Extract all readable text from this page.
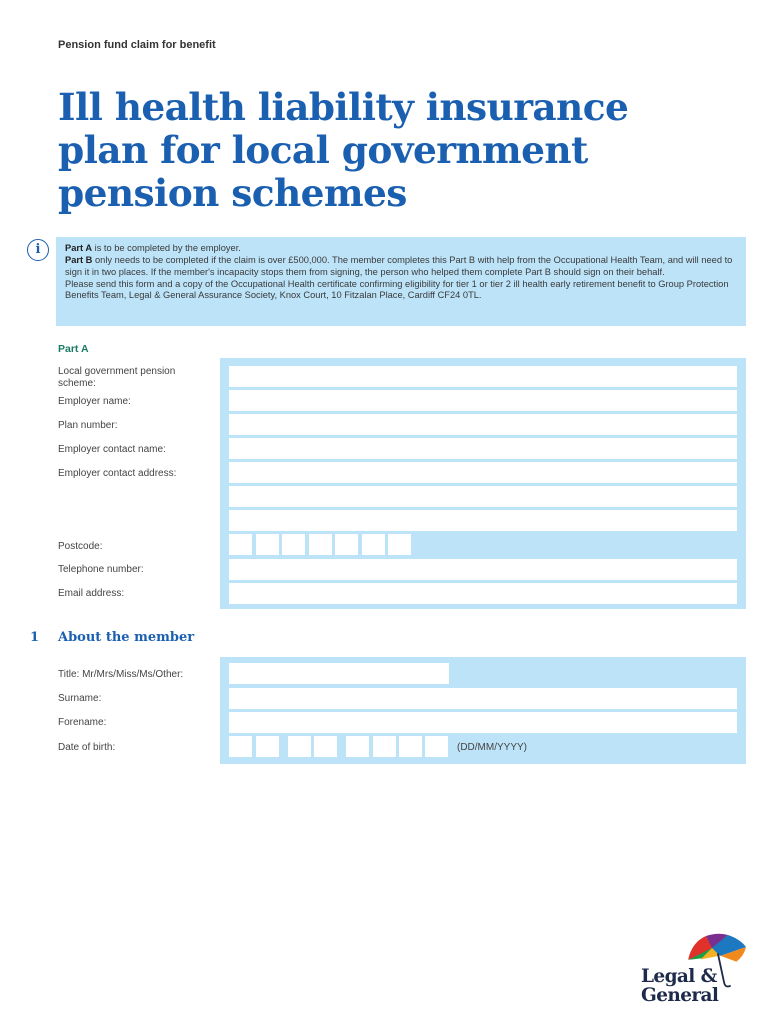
Pension fund claim for benefit
Ill health liability insurance
plan for local government
pension schemes
i	Part A is to be completed by the employer.

Part B only needs to be completed if the claim is over £500,000. The member completes this Part B with help from the Occupational Health Team, and will need to sign it in two places. If the member's incapacity stops them from signing, the person who helped them complete Part B should sign on their behalf.

Please send this form and a copy of the Occupational Health certificate confirming eligibility for tier 1 or tier 2 ill health early retirement benefit to Group Protection Benefits Team, Legal & General Assurance Society, Knox Court, 10 Fitzalan Place, Cardiff CF24 0TL.

Part A
Local government pension scheme:
Employer name:
Plan number:
Employer contact name:
Employer contact address:
Postcode:
Telephone number:
Email address:
1 About the member
Title: Mr/Mrs/Miss/Ms/Other:
Surname:
Forename:
Date of birth:	(DD/MM/YYYY)
Legal &
General
